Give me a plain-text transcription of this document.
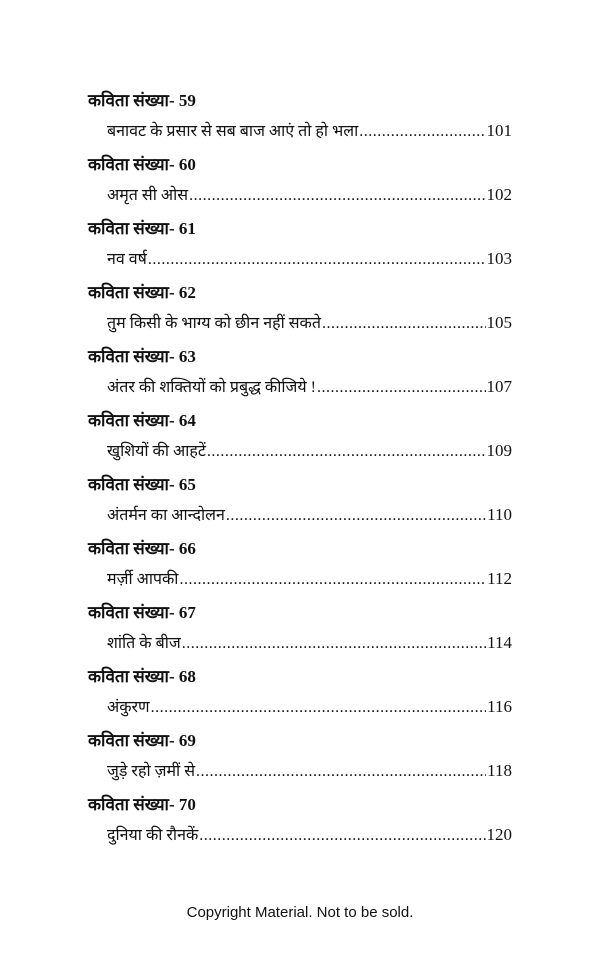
कविता संख्या- 59
बनावट के प्रसार से सब बाज आएं तो हो भला .....	101
कविता संख्या- 60
अमृत सी ओस .....	102
कविता संख्या- 61
नव वर्ष .....	103
कविता संख्या- 62
तुम किसी के भाग्य को छीन नहीं सकते .....	105
कविता संख्या- 63
अंतर की शक्तियों को प्रबुद्ध कीजिये ! .....	107
कविता संख्या- 64
खुशियों की आहटें .....	109
कविता संख्या- 65
अंतर्मन का आन्दोलन .....	110
कविता संख्या- 66
मर्ज़ी आपकी .....	112
कविता संख्या- 67
शांति के बीज .....	114
कविता संख्या- 68
अंकुरण .....	116
कविता संख्या- 69
जुड़े रहो ज़मीं से .....	118
कविता संख्या- 70
दुनिया की रौनकें .....	120
Copyright Material. Not to be sold.
